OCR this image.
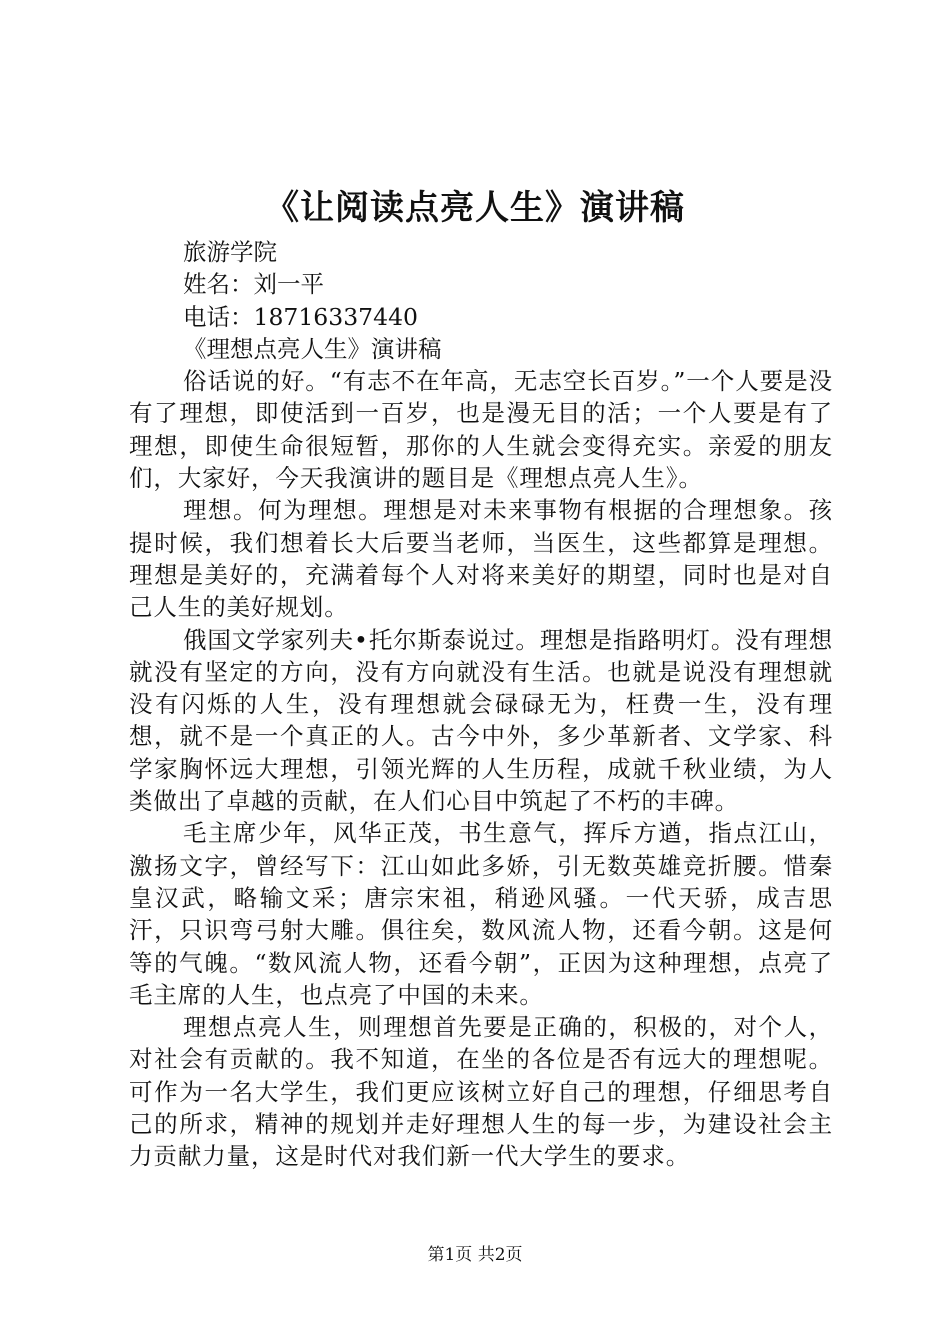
《让阅读点亮人生》演讲稿

旅游学院

姓名：刘一平

电话：18716337440

《理想点亮人生》演讲稿

俗话说的好。“有志不在年高，无志空长百岁。”一个人要是没有了理想，即使活到一百岁，也是漫无目的活；一个人要是有了理想，即使生命很短暂，那你的人生就会变得充实。亲爱的朋友们，大家好，今天我演讲的题目是《理想点亮人生》。

理想。何为理想。理想是对未来事物有根据的合理想象。孩提时候，我们想着长大后要当老师，当医生，这些都算是理想。理想是美好的，充满着每个人对将来美好的期望，同时也是对自己人生的美好规划。

俄国文学家列夫•托尔斯泰说过。理想是指路明灯。没有理想就没有坚定的方向，没有方向就没有生活。也就是说没有理想就没有闪烁的人生，没有理想就会碌碌无为，枉费一生，没有理想，就不是一个真正的人。古今中外，多少革新者、文学家、科学家胸怀远大理想，引领光辉的人生历程，成就千秋业绩，为人类做出了卓越的贡献，在人们心目中筑起了不朽的丰碑。

毛主席少年，风华正茂，书生意气，挥斥方遒，指点江山，激扬文字，曾经写下：江山如此多娇，引无数英雄竞折腰。惜秦皇汉武，略输文采；唐宗宋祖，稍逊风骚。一代天骄，成吉思汗，只识弯弓射大雕。俱往矣，数风流人物，还看今朝。这是何等的气魄。“数风流人物，还看今朝”，正因为这种理想，点亮了毛主席的人生，也点亮了中国的未来。

理想点亮人生，则理想首先要是正确的，积极的，对个人，对社会有贡献的。我不知道，在坐的各位是否有远大的理想呢。可作为一名大学生，我们更应该树立好自己的理想，仔细思考自己的所求，精神的规划并走好理想人生的每一步，为建设社会主力贡献力量，这是时代对我们新一代大学生的要求。

第1页 共2页
